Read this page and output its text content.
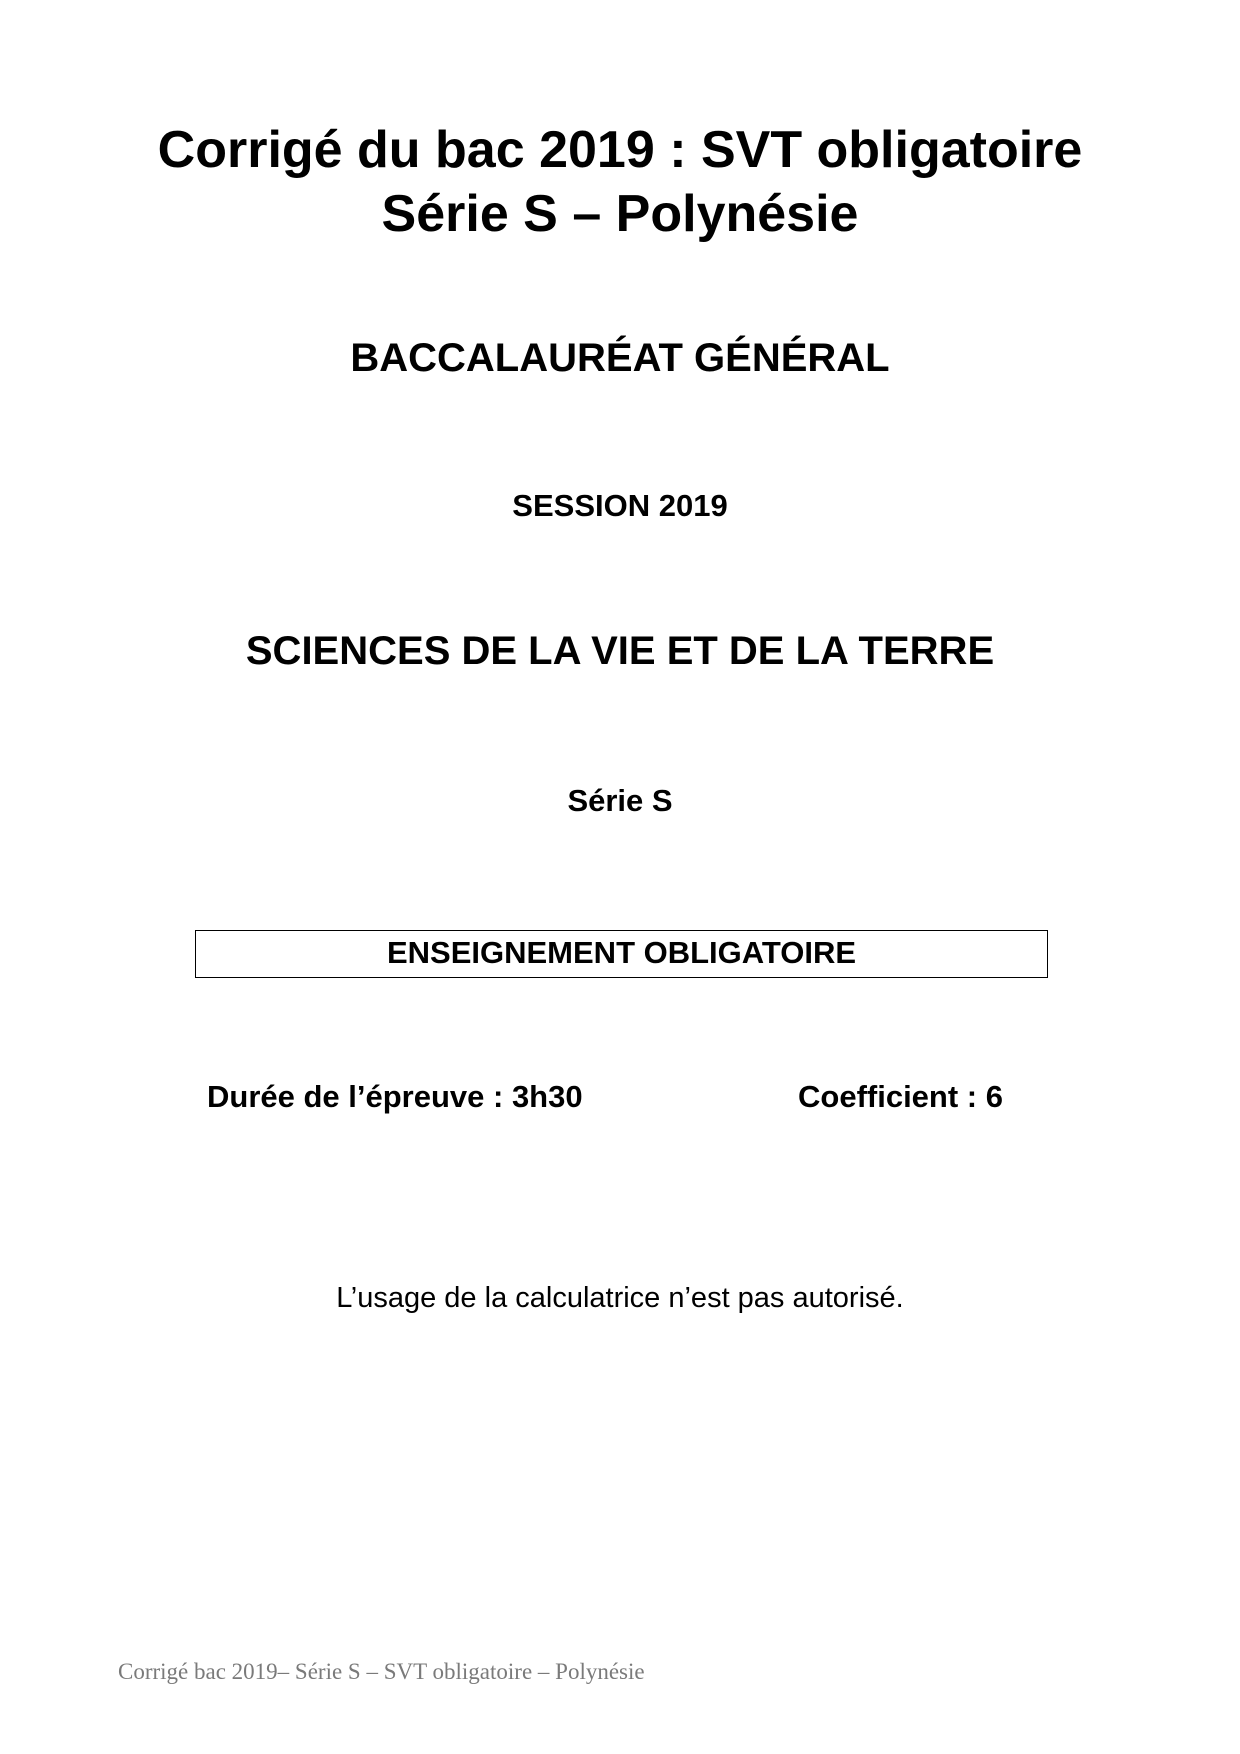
Corrigé du bac 2019 : SVT obligatoire
Série S – Polynésie
BACCALAURÉAT GÉNÉRAL
SESSION 2019
SCIENCES DE LA VIE ET DE LA TERRE
Série S
ENSEIGNEMENT OBLIGATOIRE
Durée de l’épreuve : 3h30	Coefficient : 6
L’usage de la calculatrice n’est pas autorisé.
Corrigé bac 2019– Série S – SVT obligatoire – Polynésie
